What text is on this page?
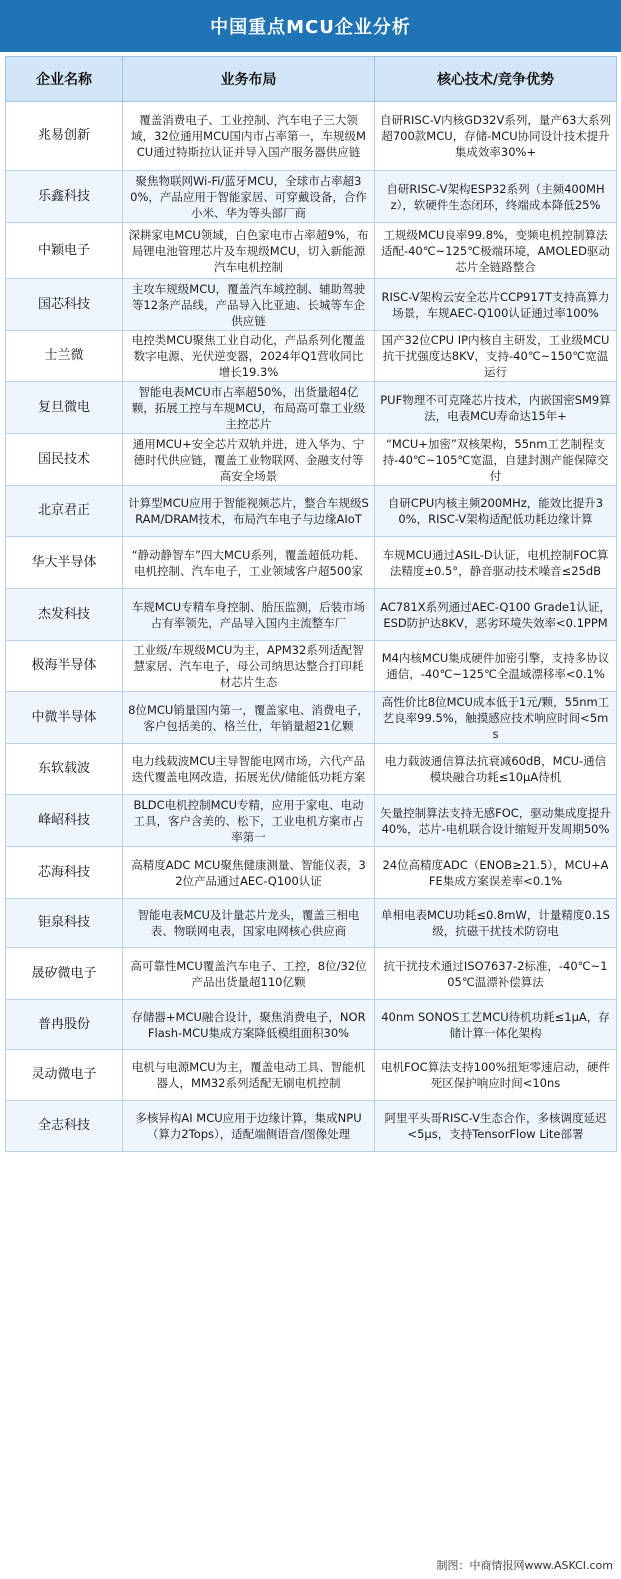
中国重点MCU企业分析
企业名称	业务布局	核心技术/竞争优势
兆易创新	覆盖消费电子、工业控制、汽车电子三大领域，32位通用MCU国内市占率第一，车规级MCU通过特斯拉认证并导入国产服务器供应链	自研RISC-V内核GD32V系列，量产63大系列超700款MCU，存储-MCU协同设计技术提升集成效率30%+
乐鑫科技	聚焦物联网Wi-Fi/蓝牙MCU，全球市占率超30%，产品应用于智能家居、可穿戴设备，合作小米、华为等头部厂商	自研RISC-V架构ESP32系列（主频400MHz），软硬件生态闭环，终端成本降低25%
中颖电子	深耕家电MCU领域，白色家电市占率超9%，布局锂电池管理芯片及车规级MCU，切入新能源汽车电机控制	工规级MCU良率99.8%，变频电机控制算法适配-40℃~125℃极端环境，AMOLED驱动芯片全链路整合
国芯科技	主攻车规级MCU，覆盖汽车域控制、辅助驾驶等12条产品线，产品导入比亚迪、长城等车企供应链	RISC-V架构云安全芯片CCP917T支持高算力场景，车规AEC-Q100认证通过率100%
士兰微	电控类MCU聚焦工业自动化，产品系列化覆盖数字电源、光伏逆变器，2024年Q1营收同比增长19.3%	国产32位CPU IP内核自主研发，工业级MCU抗干扰强度达8KV，支持-40℃~150℃宽温运行
复旦微电	智能电表MCU市占率超50%，出货量超4亿颗，拓展工控与车规MCU，布局高可靠工业级主控芯片	PUF物理不可克隆芯片技术，内嵌国密SM9算法，电表MCU寿命达15年+
国民技术	通用MCU+安全芯片双轨并进，进入华为、宁德时代供应链，覆盖工业物联网、金融支付等高安全场景	“MCU+加密”双核架构，55nm工艺制程支持-40℃~105℃宽温，自建封测产能保障交付
北京君正	计算型MCU应用于智能视频芯片，整合车规级SRAM/DRAM技术，布局汽车电子与边缘AIoT	自研CPU内核主频200MHz，能效比提升30%，RISC-V架构适配低功耗边缘计算
华大半导体	“静动静智车”四大MCU系列，覆盖超低功耗、电机控制、汽车电子，工业领域客户超500家	车规MCU通过ASIL-D认证，电机控制FOC算法精度±0.5°，静音驱动技术噪音≤25dB
杰发科技	车规MCU专精车身控制、胎压监测，后装市场占有率领先，产品导入国内主流整车厂	AC781X系列通过AEC-Q100 Grade1认证，ESD防护达8KV，恶劣环境失效率<0.1PPM
极海半导体	工业级/车规级MCU为主，APM32系列适配智慧家居、汽车电子，母公司纳思达整合打印耗材芯片生态	M4内核MCU集成硬件加密引擎，支持多协议通信，-40℃~125℃全温域漂移率<0.1%
中微半导体	8位MCU销量国内第一，覆盖家电、消费电子，客户包括美的、格兰仕，年销量超21亿颗	高性价比8位MCU成本低于1元/颗，55nm工艺良率99.5%，触摸感应技术响应时间<5ms
东软载波	电力线载波MCU主导智能电网市场，六代产品迭代覆盖电网改造，拓展光伏/储能低功耗方案	电力载波通信算法抗衰减60dB，MCU-通信模块融合功耗≤10μA待机
峰岹科技	BLDC电机控制MCU专精，应用于家电、电动工具，客户含美的、松下，工业电机方案市占率第一	矢量控制算法支持无感FOC，驱动集成度提升40%，芯片-电机联合设计缩短开发周期50%
芯海科技	高精度ADC MCU聚焦健康测量、智能仪表，32位产品通过AEC-Q100认证	24位高精度ADC（ENOB≥21.5），MCU+AFE集成方案误差率<0.1%
钜泉科技	智能电表MCU及计量芯片龙头，覆盖三相电表、物联网电表，国家电网核心供应商	单相电表MCU功耗≤0.8mW，计量精度0.1S级，抗磁干扰技术防窃电
晟矽微电子	高可靠性MCU覆盖汽车电子、工控，8位/32位产品出货量超110亿颗	抗干扰技术通过ISO7637-2标准，-40℃~105℃温漂补偿算法
普冉股份	存储器+MCU融合设计，聚焦消费电子，NOR Flash-MCU集成方案降低模组面积30%	40nm SONOS工艺MCU待机功耗≤1μA，存储计算一体化架构
灵动微电子	电机与电源MCU为主，覆盖电动工具、智能机器人，MM32系列适配无刷电机控制	电机FOC算法支持100%扭矩零速启动，硬件死区保护响应时间<10ns
全志科技	多核异构AI MCU应用于边缘计算，集成NPU（算力2Tops），适配端侧语音/图像处理	阿里平头哥RISC-V生态合作，多核调度延迟<5μs，支持TensorFlow Lite部署
制图：中商情报网www.ASKCI.com
